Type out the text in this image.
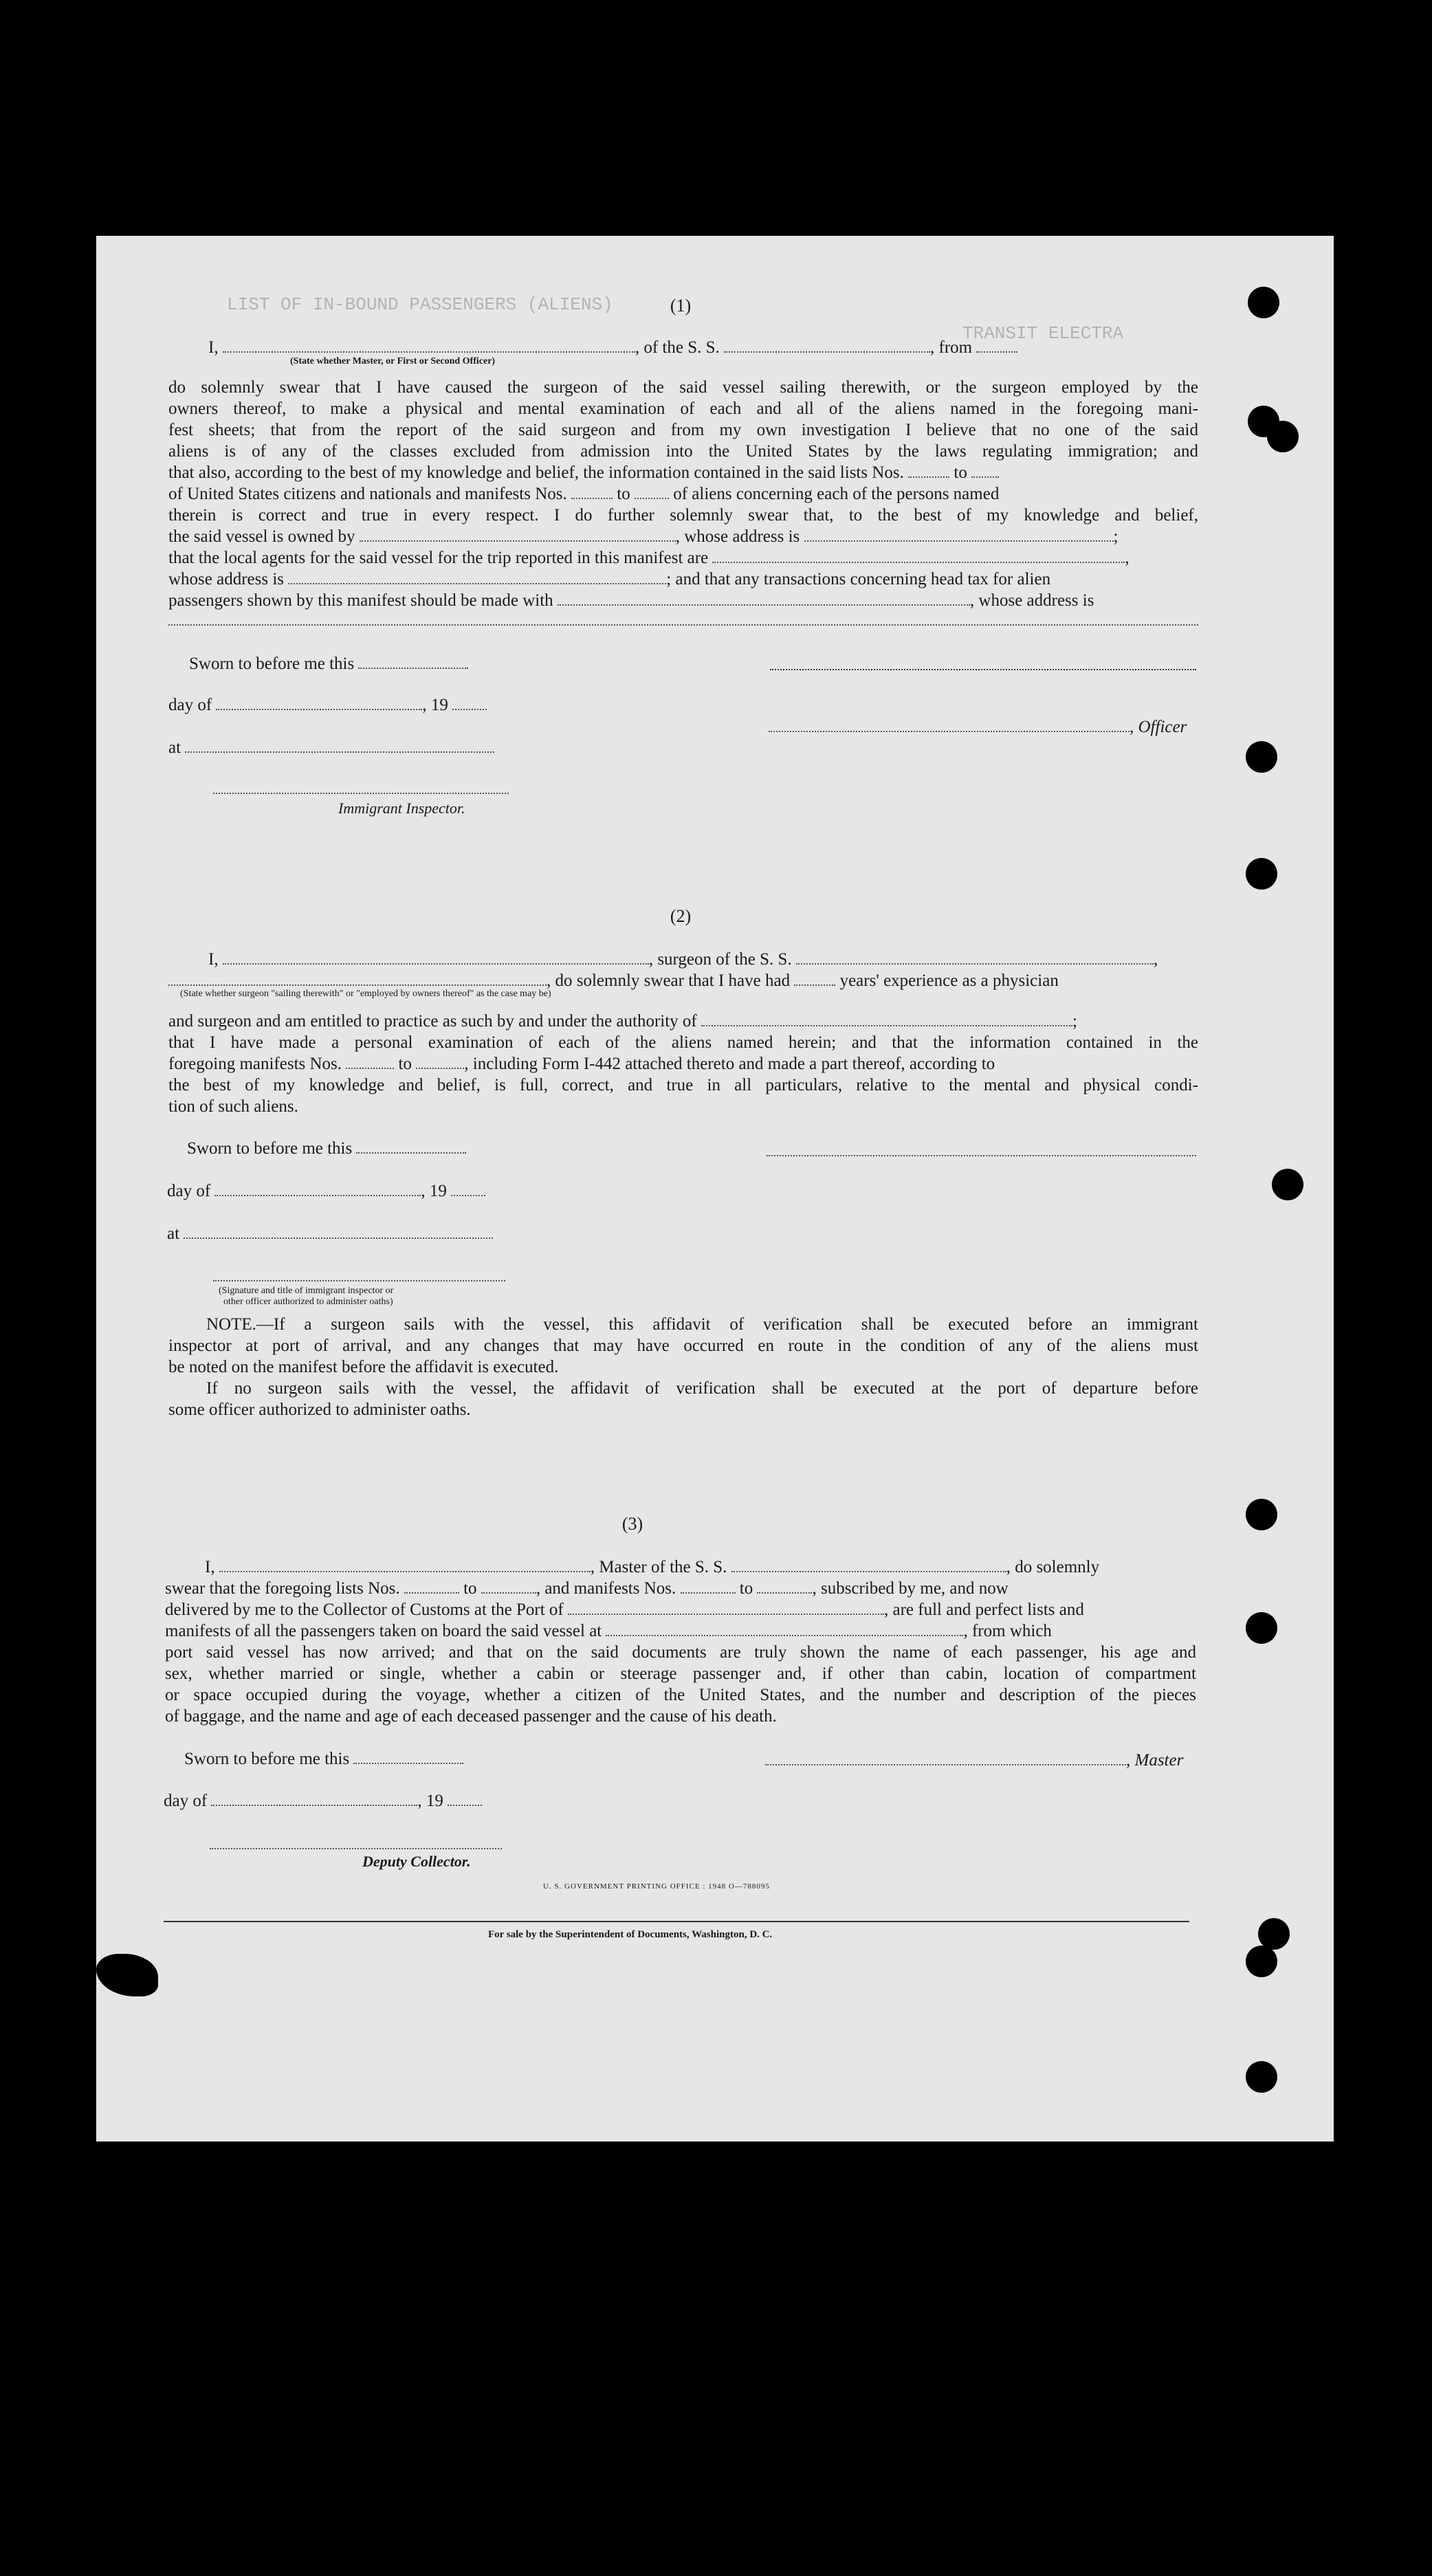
LIST OF IN-BOUND PASSENGERS (ALIENS)
TRANSIT ELECTRA
(1)
I,	, of the S. S.	, from
(State whether Master, or First or Second Officer)
do solemnly swear that I have caused the surgeon of the said vessel sailing therewith, or the surgeon employed by the
owners thereof, to make a physical and mental examination of each and all of the aliens named in the foregoing mani-
fest sheets; that from the report of the said surgeon and from my own investigation I believe that no one of the said
aliens is of any of the classes excluded from admission into the United States by the laws regulating immigration; and
that also, according to the best of my knowledge and belief, the information contained in the said lists Nos.	to
of United States citizens and nationals and manifests Nos.	to	of aliens concerning each of the persons named
therein is correct and true in every respect. I do further solemnly swear that, to the best of my knowledge and belief,
the said vessel is owned by	, whose address is	;
that the local agents for the said vessel for the trip reported in this manifest are	,
whose address is	; and that any transactions concerning head tax for alien
passengers shown by this manifest should be made with	, whose address is
Sworn to before me this
day of	, 19
, Officer
at
Immigrant Inspector.
(2)
I,	, surgeon of the S. S.	,
, do solemnly swear that I have had	years' experience as a physician
(State whether surgeon "sailing therewith" or "employed by owners thereof" as the case may be)
and surgeon and am entitled to practice as such by and under the authority of	;
that I have made a personal examination of each of the aliens named herein; and that the information contained in the
foregoing manifests Nos.	to	, including Form I-442 attached thereto and made a part thereof, according to
the best of my knowledge and belief, is full, correct, and true in all particulars, relative to the mental and physical condi-
tion of such aliens.
Sworn to before me this
day of	, 19
at
(Signature and title of immigrant inspector or
other officer authorized to administer oaths)
NOTE.—If a surgeon sails with the vessel, this affidavit of verification shall be executed before an immigrant
inspector at port of arrival, and any changes that may have occurred en route in the condition of any of the aliens must
be noted on the manifest before the affidavit is executed.
If no surgeon sails with the vessel, the affidavit of verification shall be executed at the port of departure before
some officer authorized to administer oaths.
(3)
I,	, Master of the S. S.	, do solemnly
swear that the foregoing lists Nos.	to	, and manifests Nos.	to	, subscribed by me, and now
delivered by me to the Collector of Customs at the Port of	, are full and perfect lists and
manifests of all the passengers taken on board the said vessel at	, from which
port said vessel has now arrived; and that on the said documents are truly shown the name of each passenger, his age and
sex, whether married or single, whether a cabin or steerage passenger and, if other than cabin, location of compartment
or space occupied during the voyage, whether a citizen of the United States, and the number and description of the pieces
of baggage, and the name and age of each deceased passenger and the cause of his death.
Sworn to before me this	, Master
day of	, 19
Deputy Collector.
U. S. GOVERNMENT PRINTING OFFICE : 1948 O—788095
For sale by the Superintendent of Documents, Washington, D. C.
